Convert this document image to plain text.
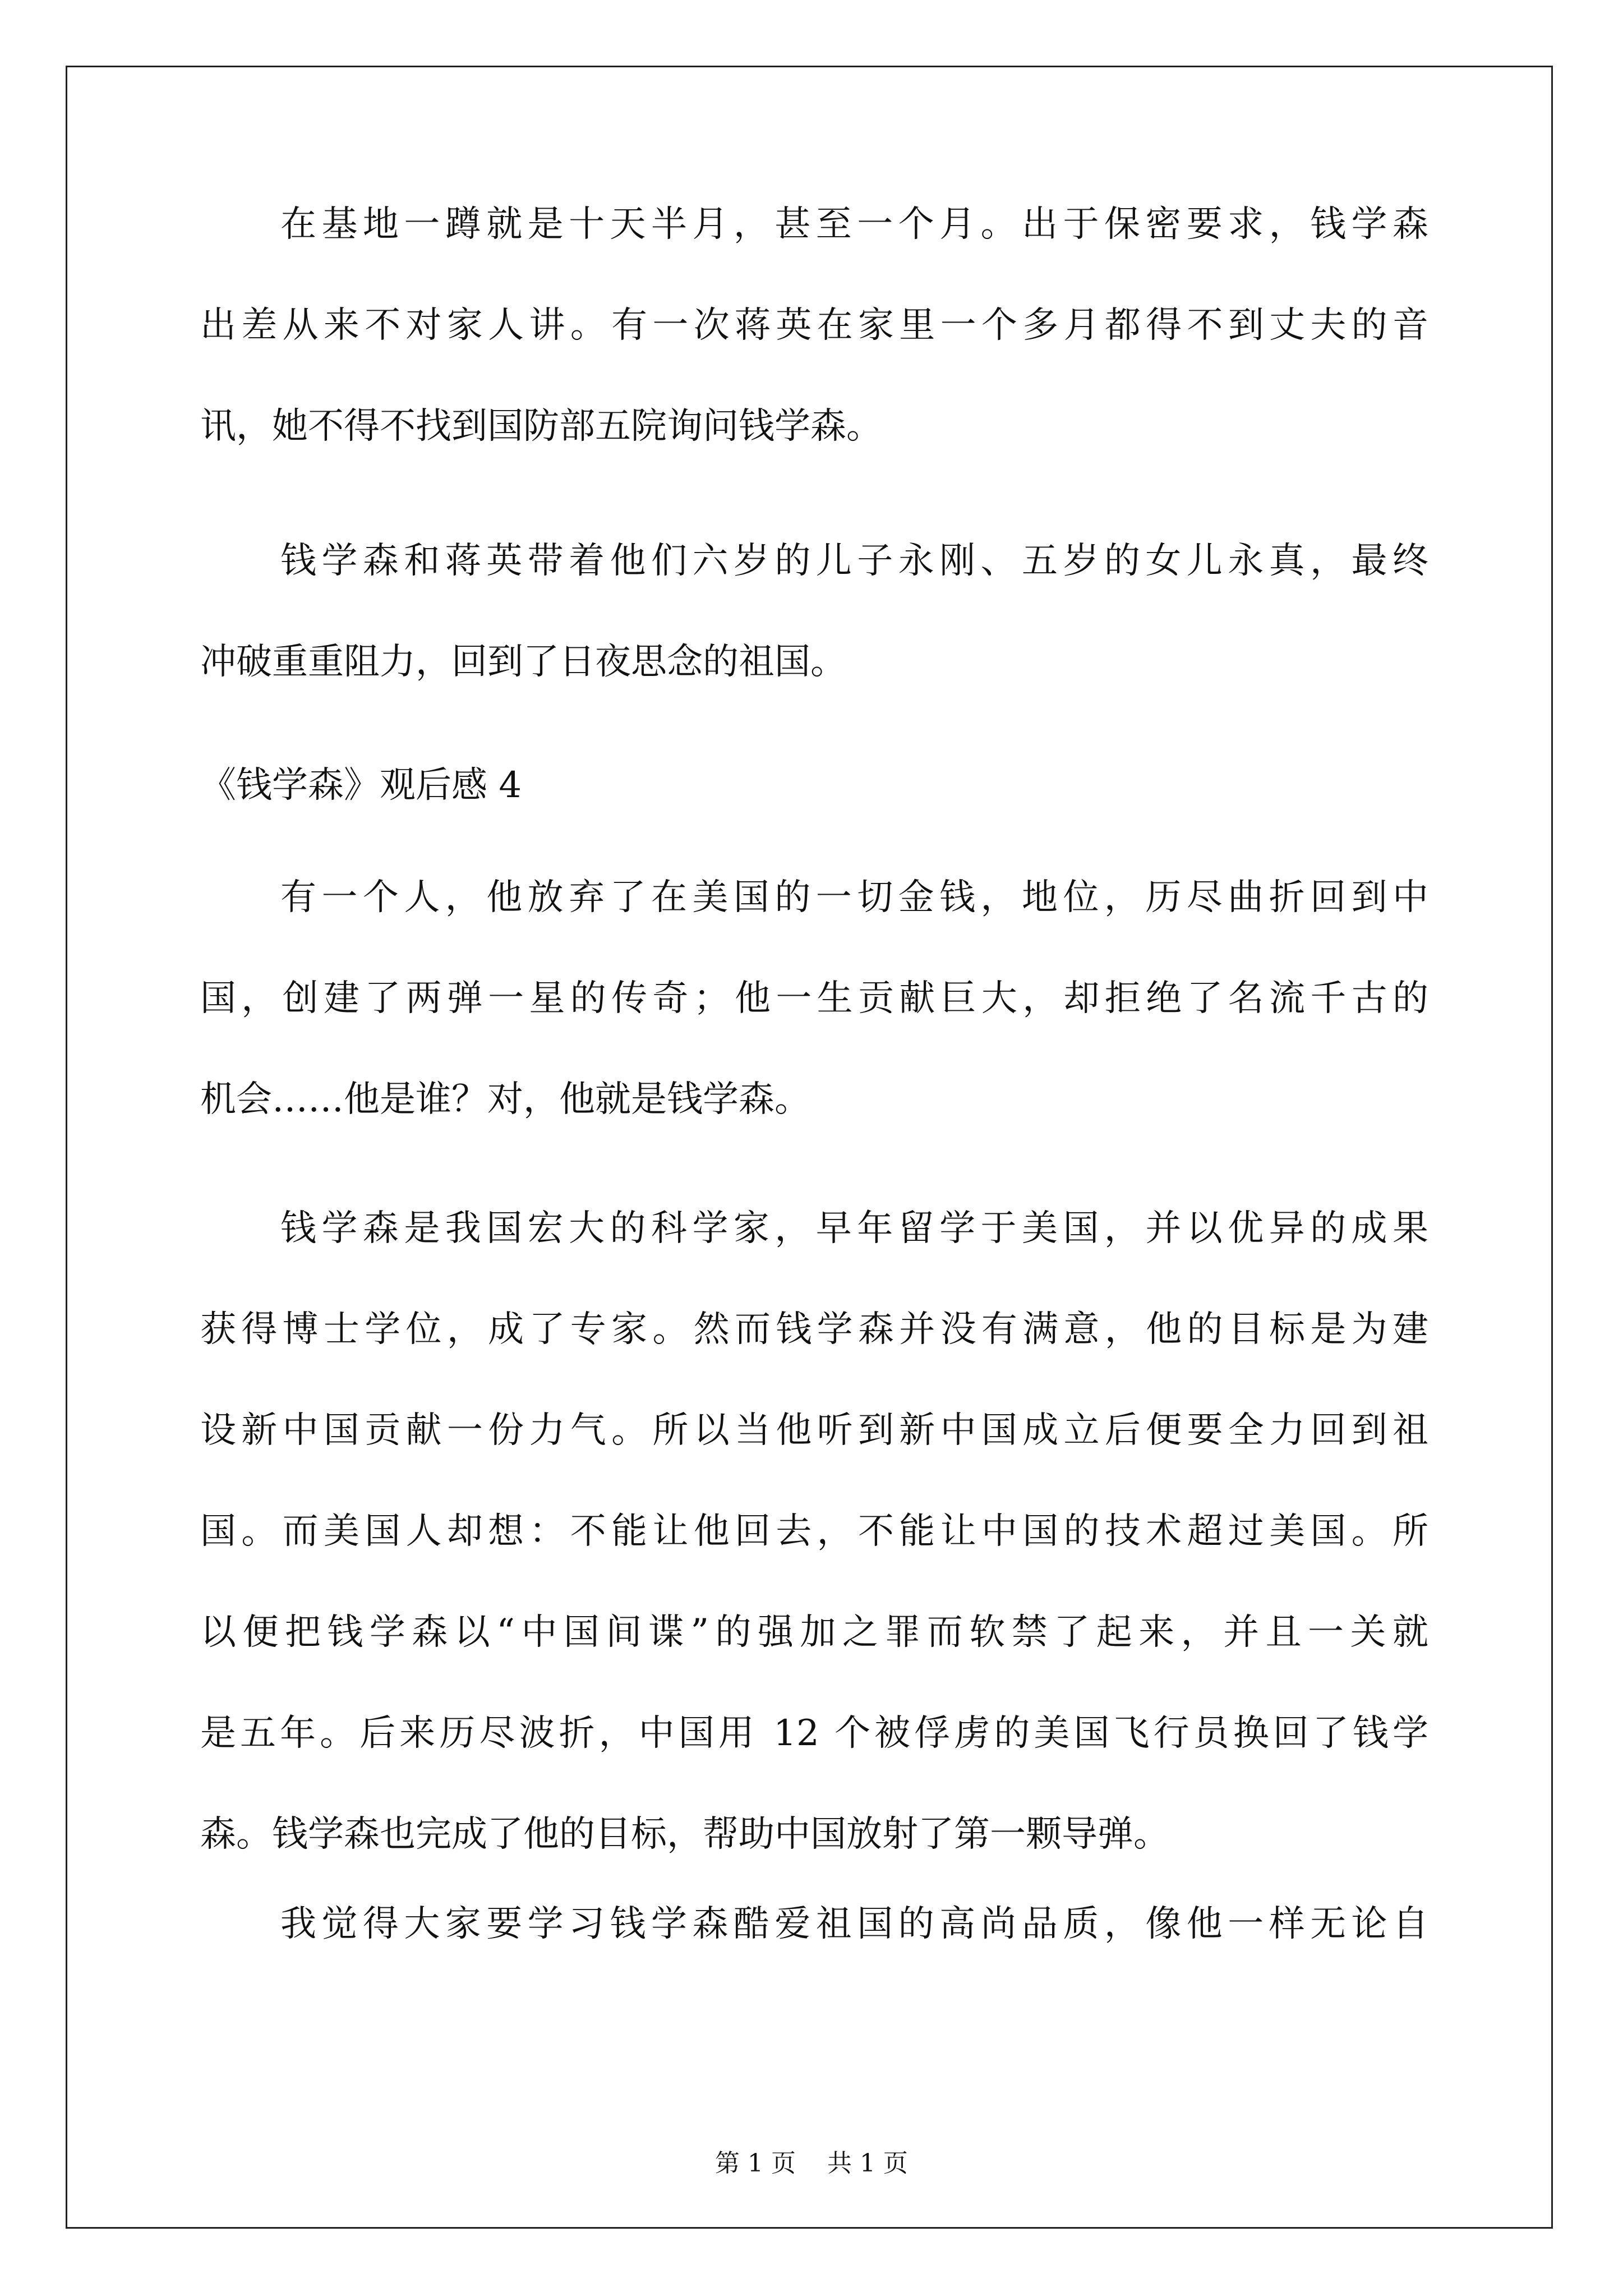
在基地一蹲就是十天半月，甚至一个月。出于保密要求，钱学森
出差从来不对家人讲。有一次蒋英在家里一个多月都得不到丈夫的音
讯，她不得不找到国防部五院询问钱学森。
钱学森和蒋英带着他们六岁的儿子永刚、五岁的女儿永真，最终
冲破重重阻力，回到了日夜思念的祖国。
《钱学森》观后感 4
有一个人，他放弃了在美国的一切金钱，地位，历尽曲折回到中
国，创建了两弹一星的传奇；他一生贡献巨大，却拒绝了名流千古的
机会……他是谁？对，他就是钱学森。
钱学森是我国宏大的科学家，早年留学于美国，并以优异的成果
获得博士学位，成了专家。然而钱学森并没有满意，他的目标是为建
设新中国贡献一份力气。所以当他听到新中国成立后便要全力回到祖
国。而美国人却想：不能让他回去，不能让中国的技术超过美国。所
以便把钱学森以“中国间谍”的强加之罪而软禁了起来，并且一关就
是五年。后来历尽波折，中国用 12 个被俘虏的美国飞行员换回了钱学
森。钱学森也完成了他的目标，帮助中国放射了第一颗导弹。
我觉得大家要学习钱学森酷爱祖国的高尚品质，像他一样无论自
第 1 页 共 1 页
